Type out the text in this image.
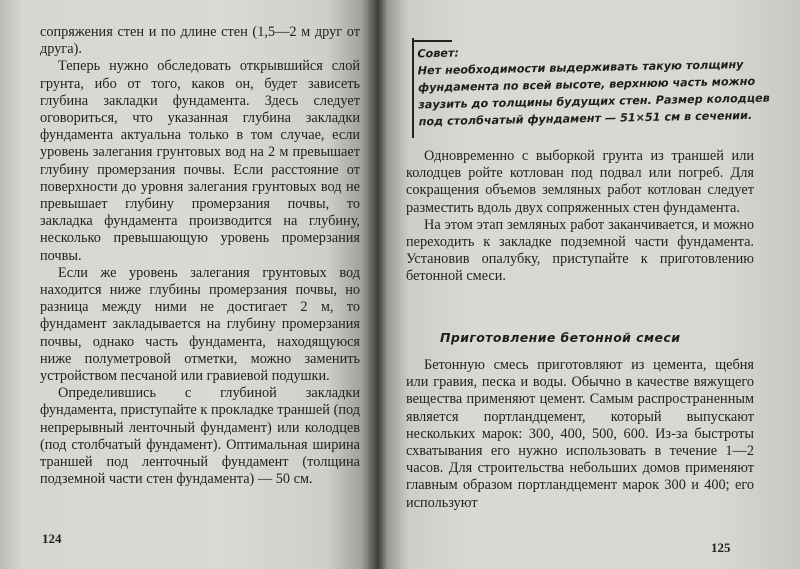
сопряжения стен и по длине стен (1,5—2 м друг от друга).

Теперь нужно обследовать открывшийся слой грунта, ибо от того, каков он, будет зависеть глубина закладки фундамента. Здесь следует оговориться, что указанная глубина закладки фундамента актуальна только в том случае, если уровень залегания грунтовых вод на 2 м превышает глубину промерзания почвы. Если расстояние от поверхности до уровня залегания грунтовых вод не превышает глубину промерзания почвы, то закладка фундамента производится на глубину, несколько превышающую уровень промерзания почвы.

Если же уровень залегания грунтовых вод находится ниже глубины промерзания почвы, но разница между ними не достигает 2 м, то фундамент закладывается на глубину промерзания почвы, однако часть фундамента, находящуюся ниже полуметровой отметки, можно заменить устройством песчаной или гравиевой подушки.

Определившись с глубиной закладки фундамента, приступайте к прокладке траншей (под непрерывный ленточный фундамент) или колодцев (под столбчатый фундамент). Оптимальная ширина траншей под ленточный фундамент (толщина подземной части стен фундамента) — 50 см.

124
Совет:
Нет необходимости выдерживать такую толщину фундамента по всей высоте, верхнюю часть можно заузить до толщины будущих стен. Размер колодцев под столбчатый фундамент — 51×51 см в сечении.

Одновременно с выборкой грунта из траншей или колодцев ройте котлован под подвал или погреб. Для сокращения объемов земляных работ котлован следует разместить вдоль двух сопряженных стен фундамента.

На этом этап земляных работ заканчивается, и можно переходить к закладке подземной части фундамента. Установив опалубку, приступайте к приготовлению бетонной смеси.

Приготовление бетонной смеси

Бетонную смесь приготовляют из цемента, щебня или гравия, песка и воды. Обычно в качестве вяжущего вещества применяют цемент. Самым распространенным является портландцемент, который выпускают нескольких марок: 300, 400, 500, 600. Из-за быстроты схватывания его нужно использовать в течение 1—2 часов. Для строительства небольших домов применяют главным образом портландцемент марок 300 и 400; его используют

125
